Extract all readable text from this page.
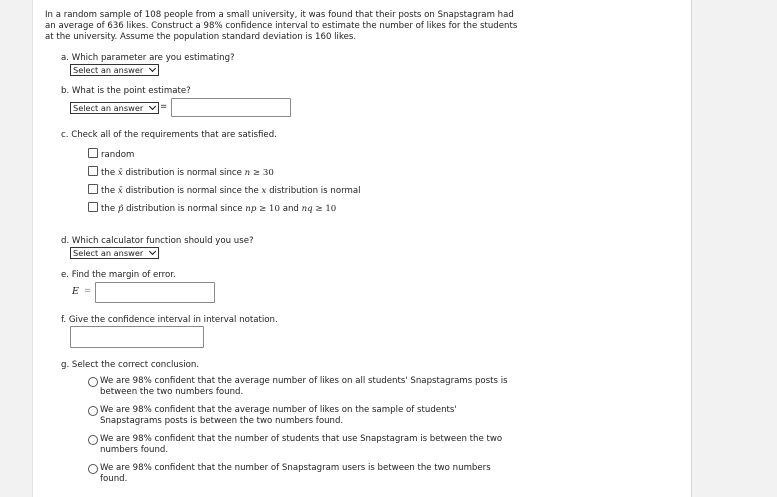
In a random sample of 108 people from a small university, it was found that their posts on Snapstagram had an average of 636 likes. Construct a 98% confidence interval to estimate the number of likes for the students at the university. Assume the population standard deviation is 160 likes.
a. Which parameter are you estimating?
Select an answer
b. What is the point estimate?
Select an answer	=
c. Check all of the requirements that are satisfied.
random
the x̄ distribution is normal since n ≥ 30
the x̄ distribution is normal since the x distribution is normal
the p̂ distribution is normal since np ≥ 10 and nq ≥ 10
d. Which calculator function should you use?
Select an answer
e. Find the margin of error.
E =
f. Give the confidence interval in interval notation.
g. Select the correct conclusion.
We are 98% confident that the average number of likes on all students' Snapstagrams posts is between the two numbers found.
We are 98% confident that the average number of likes on the sample of students' Snapstagrams posts is between the two numbers found.
We are 98% confident that the number of students that use Snapstagram is between the two numbers found.
We are 98% confident that the number of Snapstagram users is between the two numbers found.
